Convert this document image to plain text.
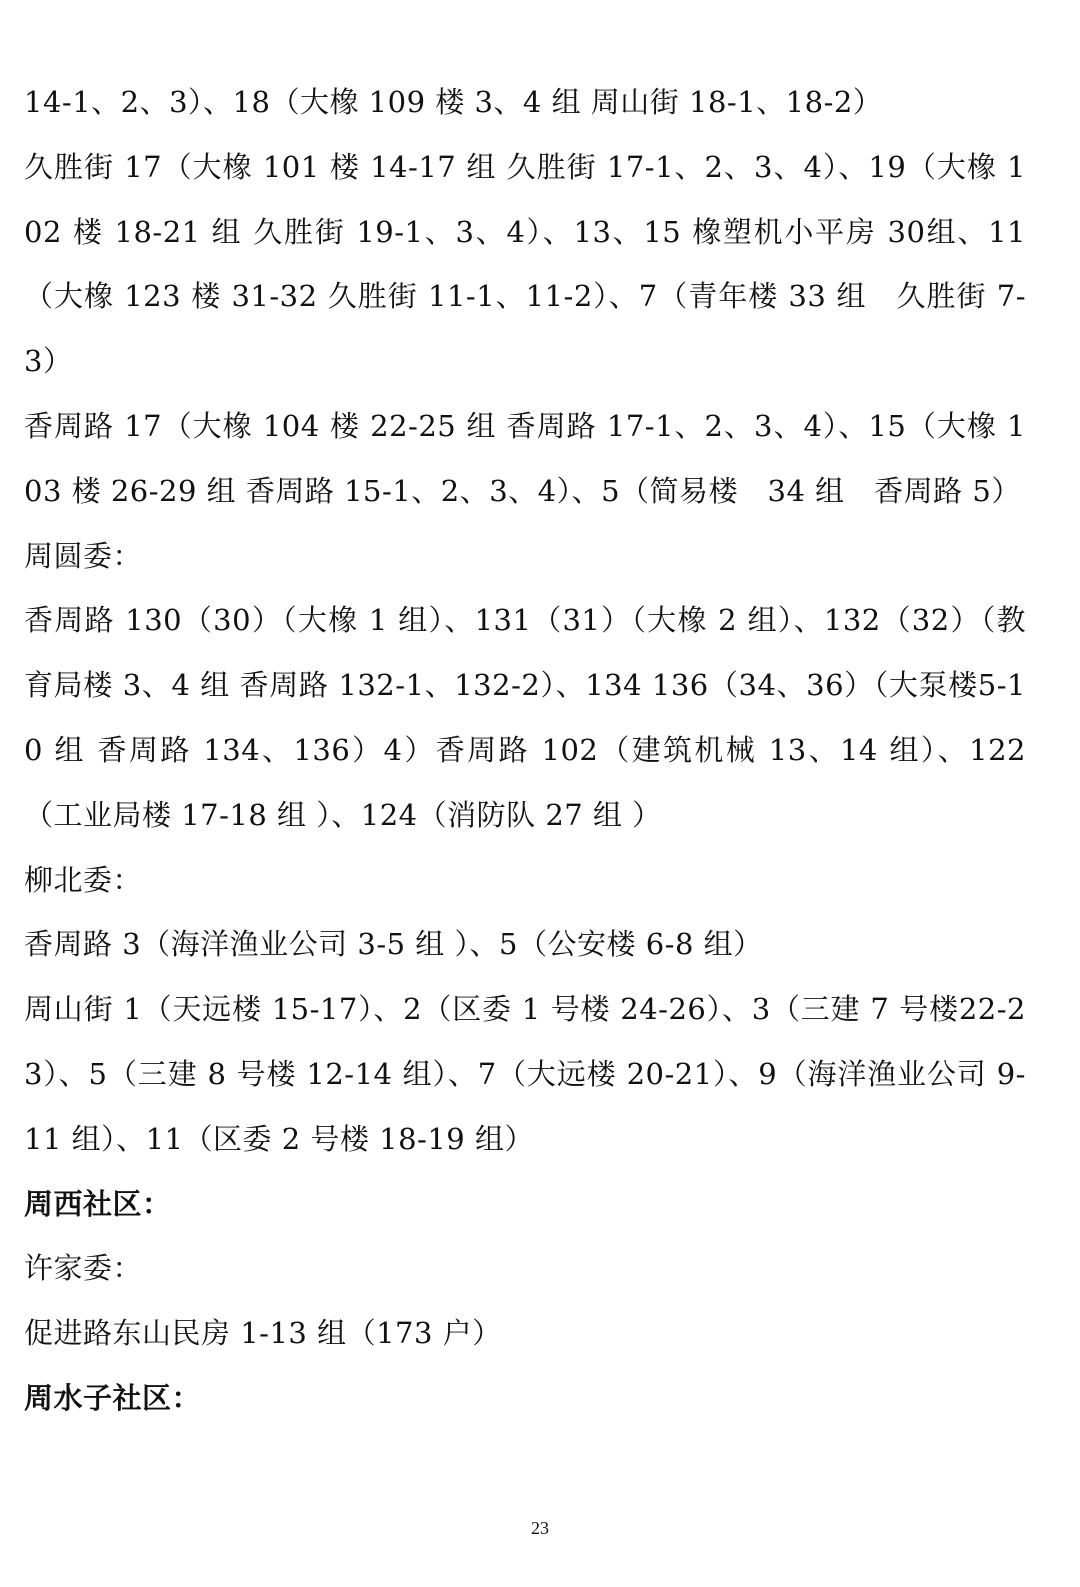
14-1、2、3）、18（大橡 109 楼 3、4 组 周山街 18-1、18-2）

久胜街 17（大橡 101 楼 14-17 组 久胜街 17-1、2、3、4）、19（大橡 102 楼 18-21 组 久胜街 19-1、3、4）、13、15 橡塑机小平房 30组、11（大橡 123 楼 31-32 久胜街 11-1、11-2）、7（青年楼 33 组　久胜街 7-3）

香周路 17（大橡 104 楼 22-25 组 香周路 17-1、2、3、4）、15（大橡 103 楼 26-29 组 香周路 15-1、2、3、4）、5（简易楼　34 组　香周路 5）

周圆委：

香周路 130（30）（大橡 1 组）、131（31）（大橡 2 组）、132（32）（教育局楼 3、4 组 香周路 132-1、132-2）、134 136（34、36）（大泵楼5-10 组 香周路 134、136）4）香周路 102（建筑机械 13、14 组）、122（工业局楼 17-18 组 ）、124（消防队 27 组 ）

柳北委：

香周路 3（海洋渔业公司 3-5 组 ）、5（公安楼 6-8 组）

周山街 1（天远楼 15-17）、2（区委 1 号楼 24-26）、3（三建 7 号楼22-23）、5（三建 8 号楼 12-14 组）、7（大远楼 20-21）、9（海洋渔业公司 9-11 组）、11（区委 2 号楼 18-19 组）

周西社区：

许家委：

促进路东山民房 1-13 组（173 户）

周水子社区：

23
